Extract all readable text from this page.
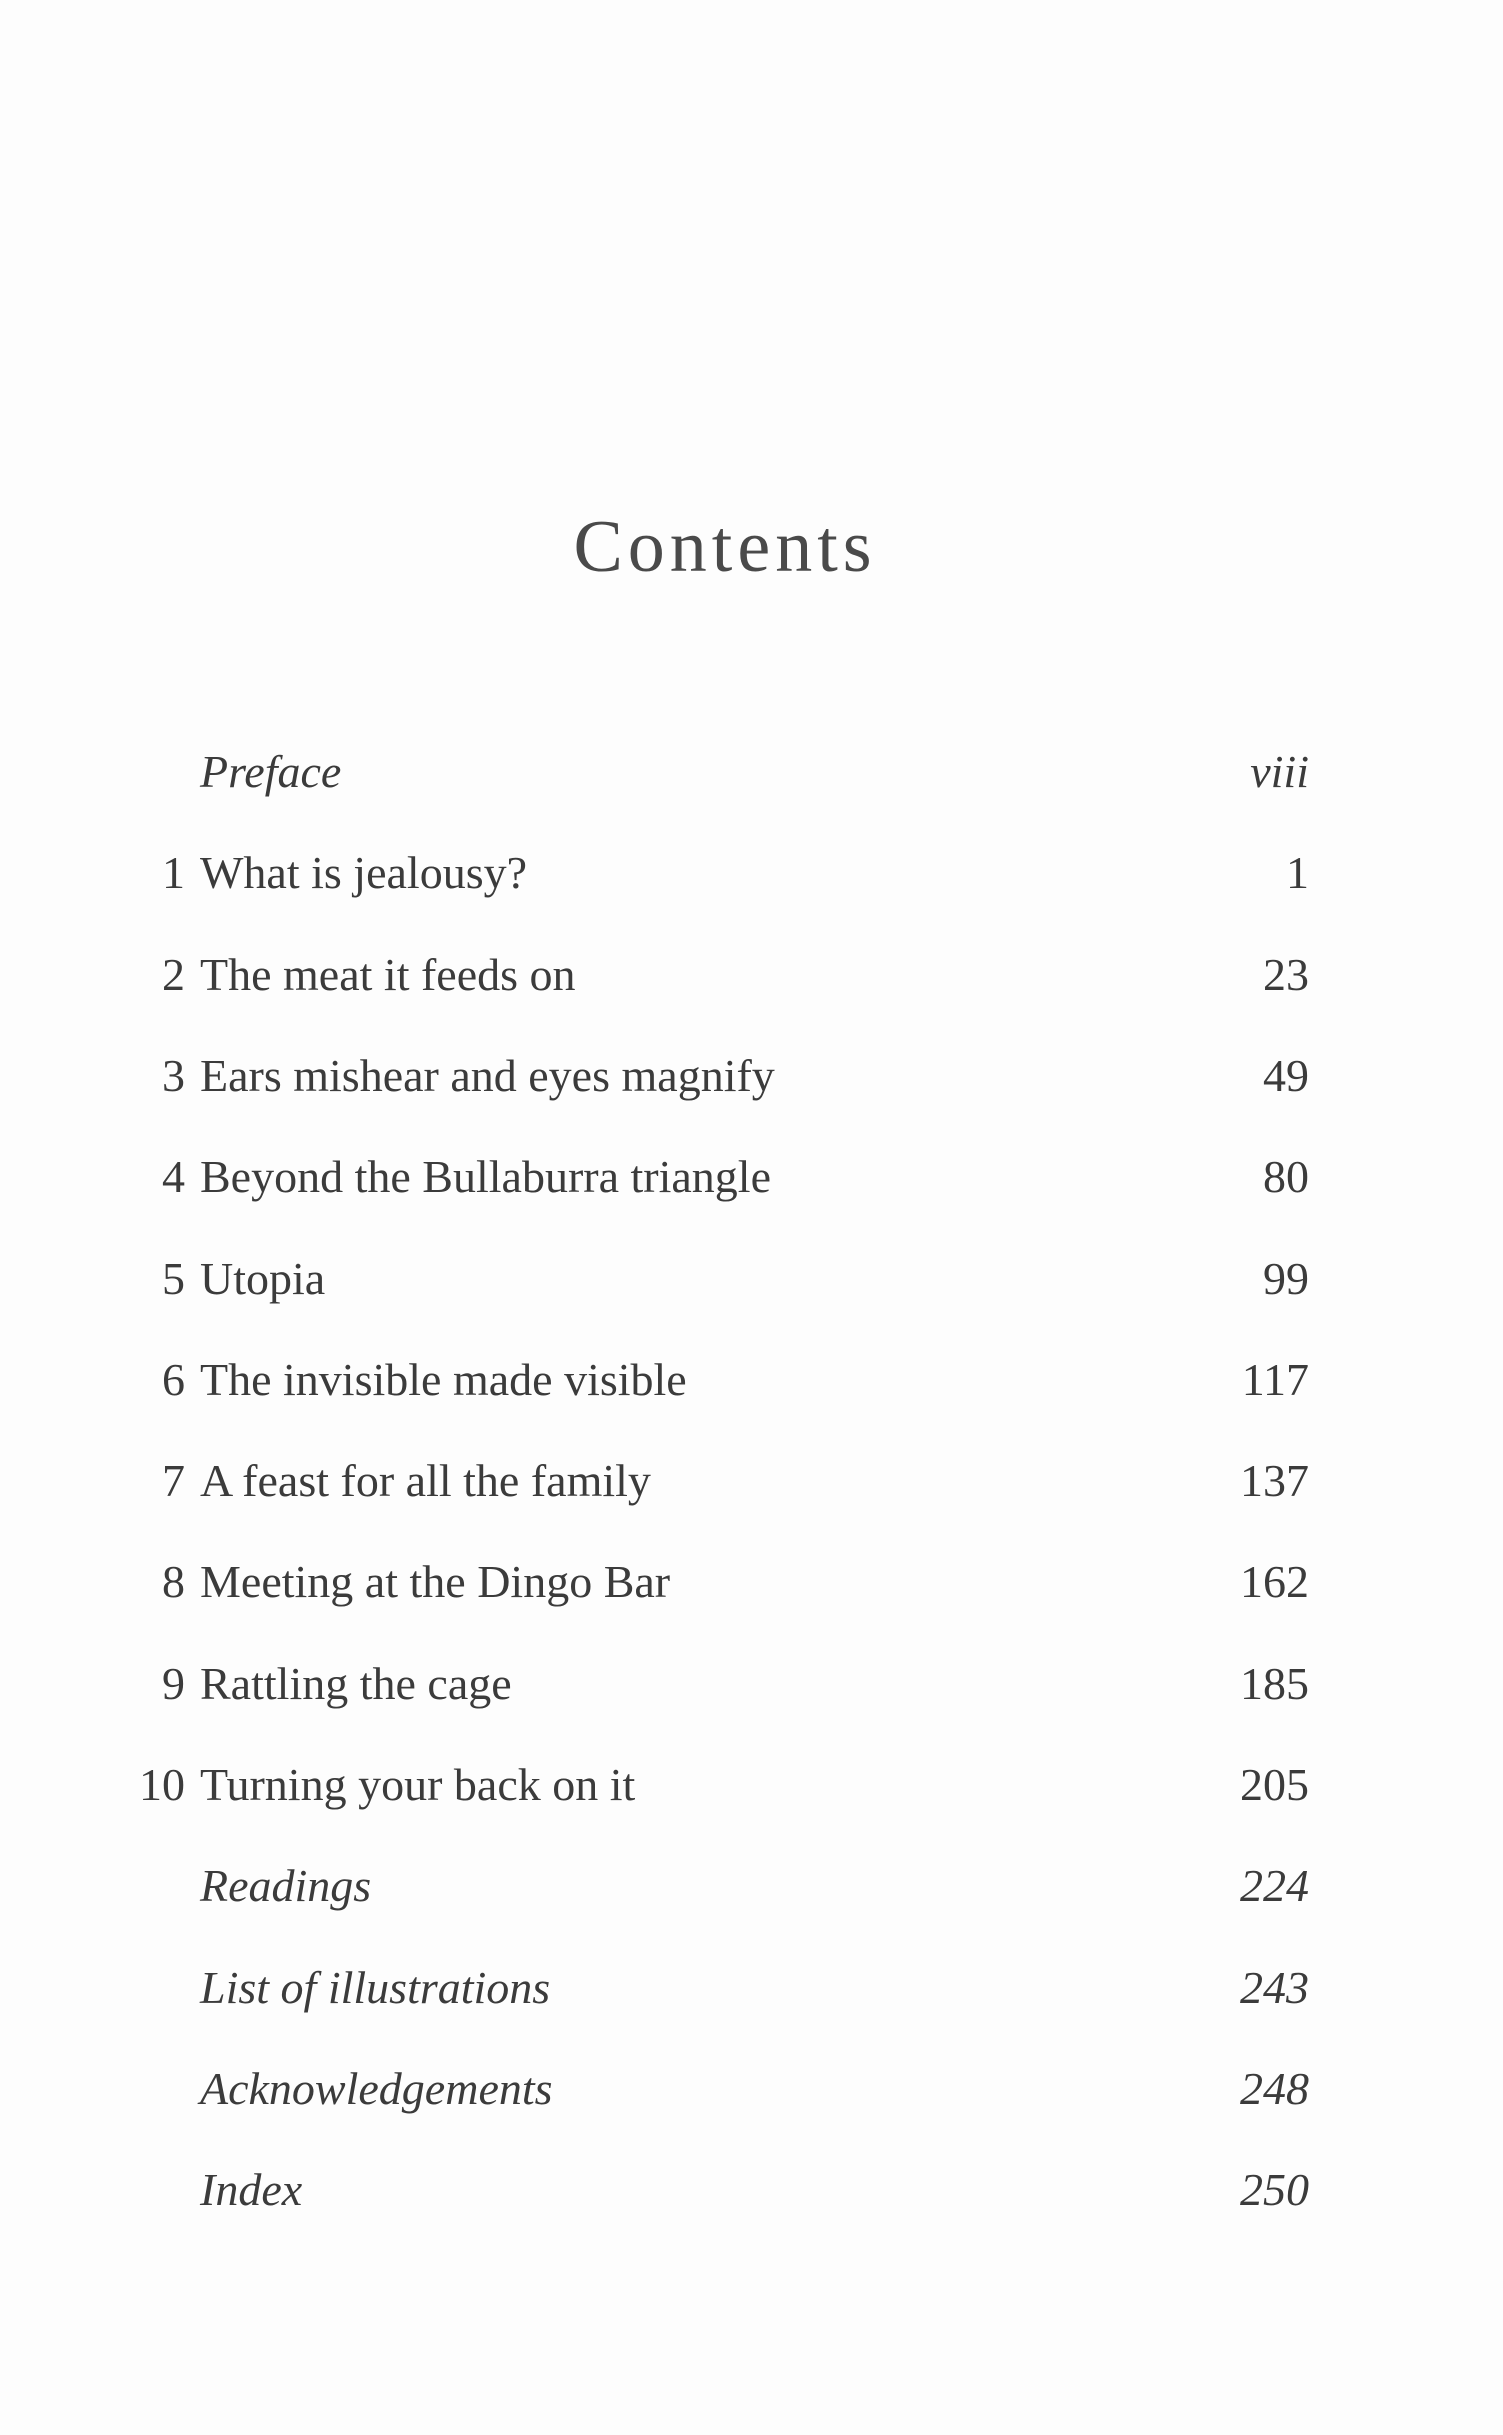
Contents
Preface	viii
1 What is jealousy?	1
2 The meat it feeds on	23
3 Ears mishear and eyes magnify	49
4 Beyond the Bullaburra triangle	80
5 Utopia	99
6 The invisible made visible	117
7 A feast for all the family	137
8 Meeting at the Dingo Bar	162
9 Rattling the cage	185
10 Turning your back on it	205
Readings	224
List of illustrations	243
Acknowledgements	248
Index	250
